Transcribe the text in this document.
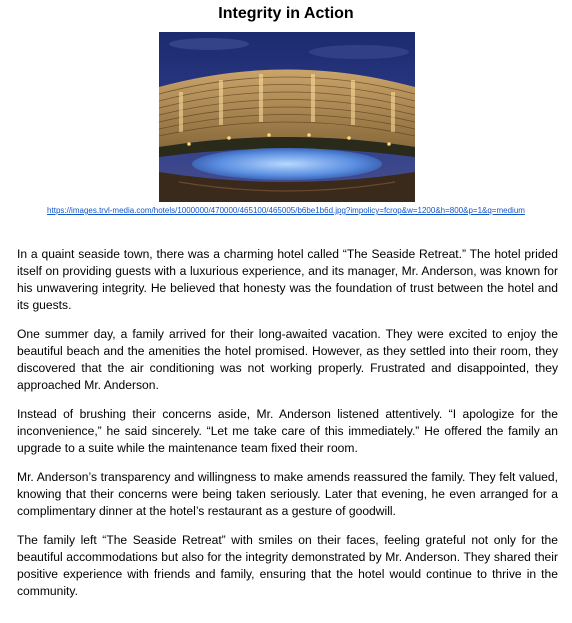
Integrity in Action
https://images.trvl-media.com/hotels/1000000/470000/465100/465005/b6be1b6d.jpg?impolicy=fcrop&w=1200&h=800&p=1&q=medium

In a quaint seaside town, there was a charming hotel called “The Seaside Retreat.” The hotel prided itself on providing guests with a luxurious experience, and its manager, Mr. Anderson, was known for his unwavering integrity. He believed that honesty was the foundation of trust between the hotel and its guests.

One summer day, a family arrived for their long-awaited vacation. They were excited to enjoy the beautiful beach and the amenities the hotel promised. However, as they settled into their room, they discovered that the air conditioning was not working properly. Frustrated and disappointed, they approached Mr. Anderson.

Instead of brushing their concerns aside, Mr. Anderson listened attentively. “I apologize for the inconvenience,” he said sincerely. “Let me take care of this immediately.” He offered the family an upgrade to a suite while the maintenance team fixed their room.

Mr. Anderson’s transparency and willingness to make amends reassured the family. They felt valued, knowing that their concerns were being taken seriously. Later that evening, he even arranged for a complimentary dinner at the hotel’s restaurant as a gesture of goodwill.

The family left “The Seaside Retreat” with smiles on their faces, feeling grateful not only for the beautiful accommodations but also for the integrity demonstrated by Mr. Anderson. They shared their positive experience with friends and family, ensuring that the hotel would continue to thrive in the community.
